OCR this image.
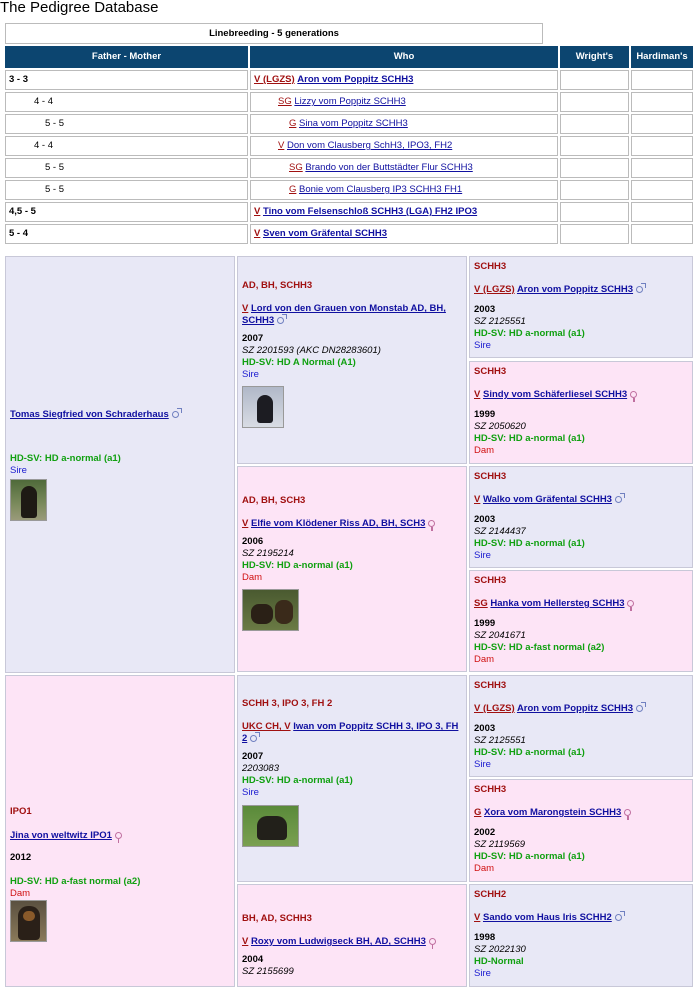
The Pedigree Database
Linebreeding - 5 generations
Father - Mother	Who	Wright's	Hardiman's
3 - 3	V (LGZS) Aron vom Poppitz SCHH3
4 - 4	SG Lizzy vom Poppitz SCHH3
5 - 5	G Sina vom Poppitz SCHH3
4 - 4	V Don vom Clausberg SchH3, IPO3, FH2
5 - 5	SG Brando von der Buttstädter Flur SCHH3
5 - 5	G Bonie vom Clausberg IP3 SCHH3 FH1
4,5 - 5	V Tino vom Felsenschloß SCHH3 (LGA) FH2 IPO3
5 - 4	V Sven vom Gräfental SCHH3
Tomas Siegfried von Schraderhaus
HD-SV: HD a-normal (a1)
Sire
IPO1
Jina von weltwitz IPO1
2012
HD-SV: HD a-fast normal (a2)
Dam
AD, BH, SCHH3
V Lord von den Grauen von Monstab AD, BH, SCHH3
2007
SZ 2201593 (AKC DN28283601)
HD-SV: HD A Normal (A1)
Sire
AD, BH, SCH3
V Elfie vom Klödener Riss AD, BH, SCH3
2006
SZ 2195214
HD-SV: HD a-normal (a1)
Dam
SCHH 3, IPO 3, FH 2
UKC CH, V Iwan vom Poppitz SCHH 3, IPO 3, FH 2
2007
2203083
HD-SV: HD a-normal (a1)
Sire
BH, AD, SCHH3
V Roxy vom Ludwigseck BH, AD, SCHH3
2004
SZ 2155699
SCHH3
V (LGZS) Aron vom Poppitz SCHH3
2003
SZ 2125551
HD-SV: HD a-normal (a1)
Sire
SCHH3
V Sindy vom Schäferliesel SCHH3
1999
SZ 2050620
HD-SV: HD a-normal (a1)
Dam
SCHH3
V Walko vom Gräfental SCHH3
2003
SZ 2144437
HD-SV: HD a-normal (a1)
Sire
SCHH3
SG Hanka vom Hellersteg SCHH3
1999
SZ 2041671
HD-SV: HD a-fast normal (a2)
Dam
SCHH3
V (LGZS) Aron vom Poppitz SCHH3
2003
SZ 2125551
HD-SV: HD a-normal (a1)
Sire
SCHH3
G Xora vom Marongstein SCHH3
2002
SZ 2119569
HD-SV: HD a-normal (a1)
Dam
SCHH2
V Sando vom Haus Iris SCHH2
1998
SZ 2022130
HD-Normal
Sire
